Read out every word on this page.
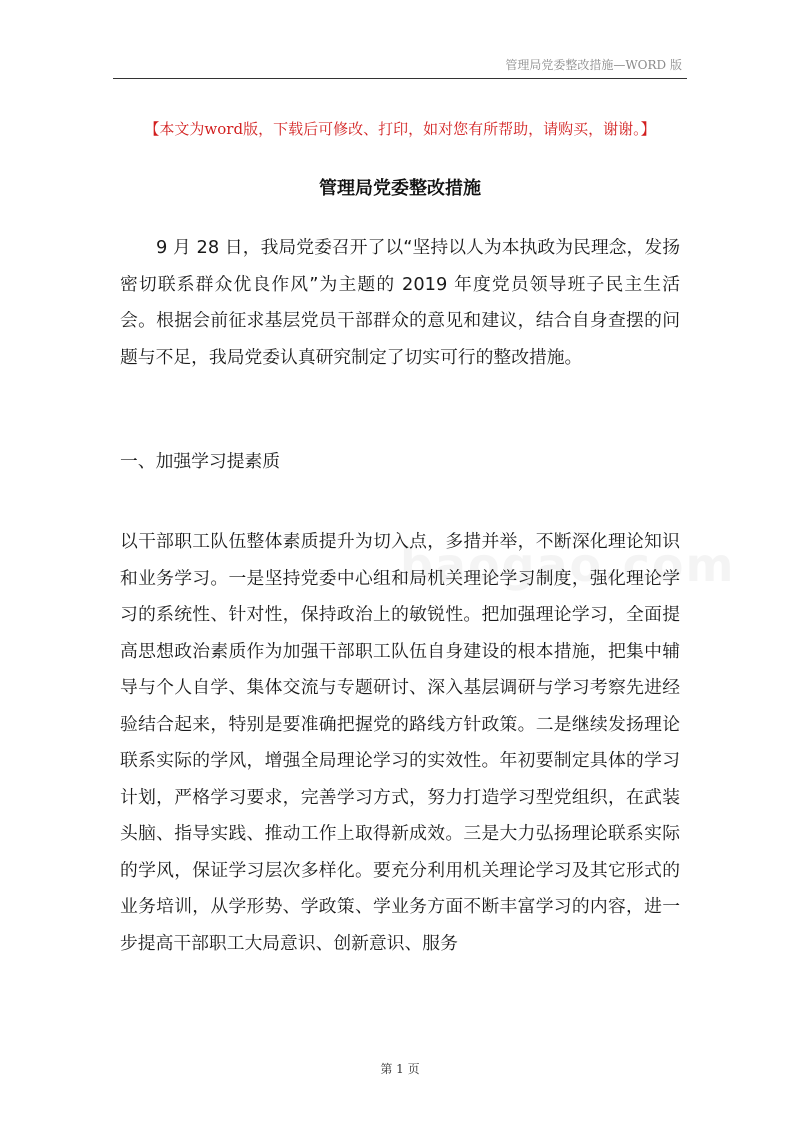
管理局党委整改措施—WORD 版
【本文为word版，下载后可修改、打印，如对您有所帮助，请购买，谢谢。】
管理局党委整改措施

9 月 28 日，我局党委召开了以“坚持以人为本执政为民理念，发扬密切联系群众优良作风”为主题的 2019 年度党员领导班子民主生活会。根据会前征求基层党员干部群众的意见和建议，结合自身查摆的问题与不足，我局党委认真研究制定了切实可行的整改措施。

一、加强学习提素质

以干部职工队伍整体素质提升为切入点，多措并举，不断深化理论知识和业务学习。一是坚持党委中心组和局机关理论学习制度，强化理论学习的系统性、针对性，保持政治上的敏锐性。把加强理论学习，全面提高思想政治素质作为加强干部职工队伍自身建设的根本措施，把集中辅导与个人自学、集体交流与专题研讨、深入基层调研与学习考察先进经验结合起来，特别是要准确把握党的路线方针政策。二是继续发扬理论联系实际的学风，增强全局理论学习的实效性。年初要制定具体的学习计划，严格学习要求，完善学习方式，努力打造学习型党组织，在武装头脑、指导实践、推动工作上取得新成效。三是大力弘扬理论联系实际的学风，保证学习层次多样化。要充分利用机关理论学习及其它形式的业务培训，从学形势、学政策、学业务方面不断丰富学习的内容，进一步提高干部职工大局意识、创新意识、服务

第 1 页
